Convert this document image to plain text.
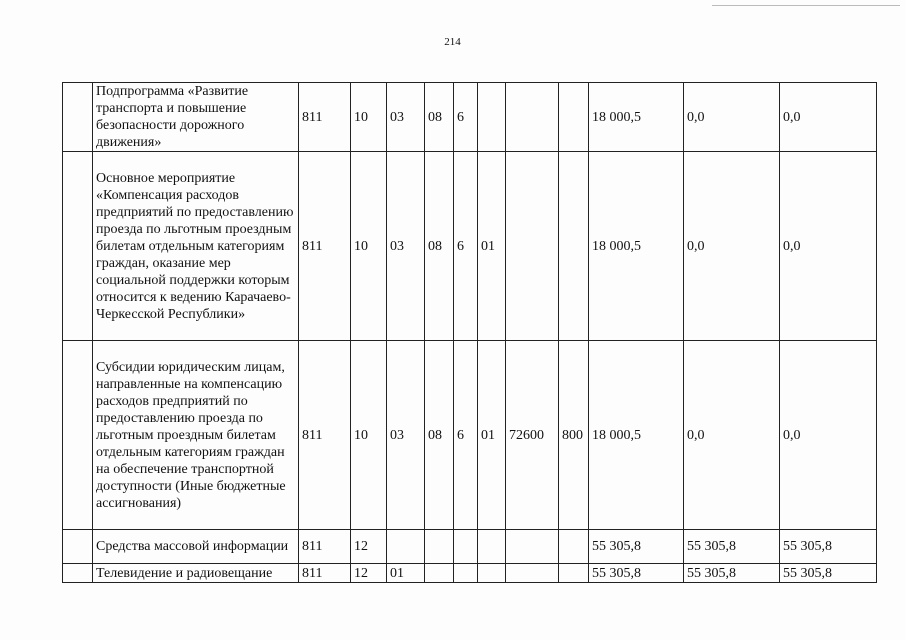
214
	Подпрограмма «Развитие транспорта и повышение безопасности дорожного движения»	811	10	03	08	6				18 000,5	0,0	0,0
	Основное мероприятие «Компенсация расходов предприятий по предоставлению проезда по льготным проездным билетам отдельным категориям граждан, оказание мер социальной поддержки которым относится к ведению Карачаево-Черкесской Республики»	811	10	03	08	6	01			18 000,5	0,0	0,0
	Субсидии юридическим лицам, направленные на компенсацию расходов предприятий по предоставлению проезда по льготным проездным билетам отдельным категориям граждан на обеспечение транспортной доступности (Иные бюджетные ассигнования)	811	10	03	08	6	01	72600	800	18 000,5	0,0	0,0
	Средства массовой информации	811	12							55 305,8	55 305,8	55 305,8
	Телевидение и радиовещание	811	12	01						55 305,8	55 305,8	55 305,8
